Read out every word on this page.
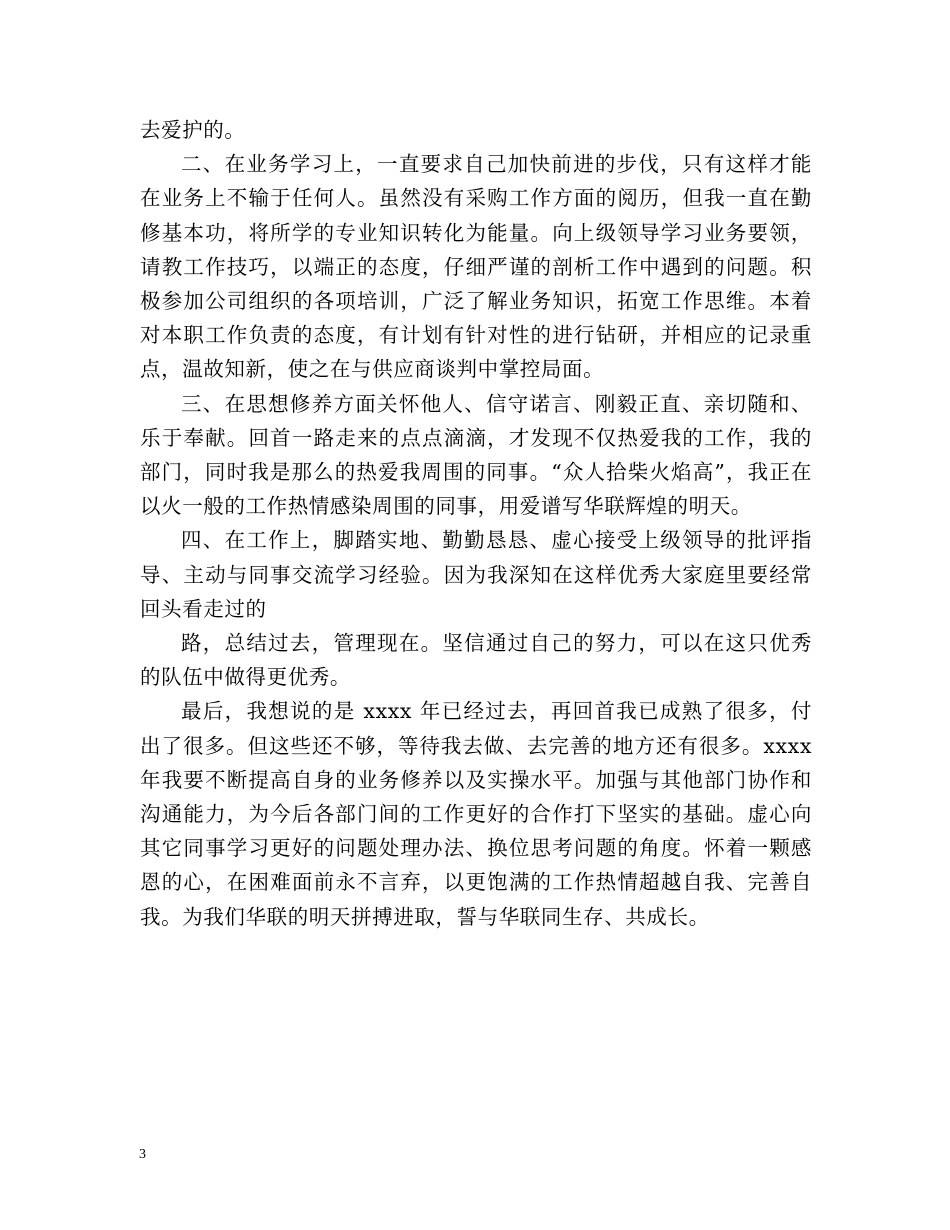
去爱护的。

二、在业务学习上，一直要求自己加快前进的步伐，只有这样才能在业务上不输于任何人。虽然没有采购工作方面的阅历，但我一直在勤修基本功，将所学的专业知识转化为能量。向上级领导学习业务要领，请教工作技巧，以端正的态度，仔细严谨的剖析工作中遇到的问题。积极参加公司组织的各项培训，广泛了解业务知识，拓宽工作思维。本着对本职工作负责的态度，有计划有针对性的进行钻研，并相应的记录重点，温故知新，使之在与供应商谈判中掌控局面。

三、在思想修养方面关怀他人、信守诺言、刚毅正直、亲切随和、乐于奉献。回首一路走来的点点滴滴，才发现不仅热爱我的工作，我的部门，同时我是那么的热爱我周围的同事。“众人拾柴火焰高”，我正在以火一般的工作热情感染周围的同事，用爱谱写华联辉煌的明天。

四、在工作上，脚踏实地、勤勤恳恳、虚心接受上级领导的批评指导、主动与同事交流学习经验。因为我深知在这样优秀大家庭里要经常回头看走过的

路，总结过去，管理现在。坚信通过自己的努力，可以在这只优秀的队伍中做得更优秀。

最后，我想说的是 xxxx 年已经过去，再回首我已成熟了很多，付出了很多。但这些还不够，等待我去做、去完善的地方还有很多。xxxx 年我要不断提高自身的业务修养以及实操水平。加强与其他部门协作和沟通能力，为今后各部门间的工作更好的合作打下坚实的基础。虚心向其它同事学习更好的问题处理办法、换位思考问题的角度。怀着一颗感恩的心，在困难面前永不言弃，以更饱满的工作热情超越自我、完善自我。为我们华联的明天拼搏进取，誓与华联同生存、共成长。

3
